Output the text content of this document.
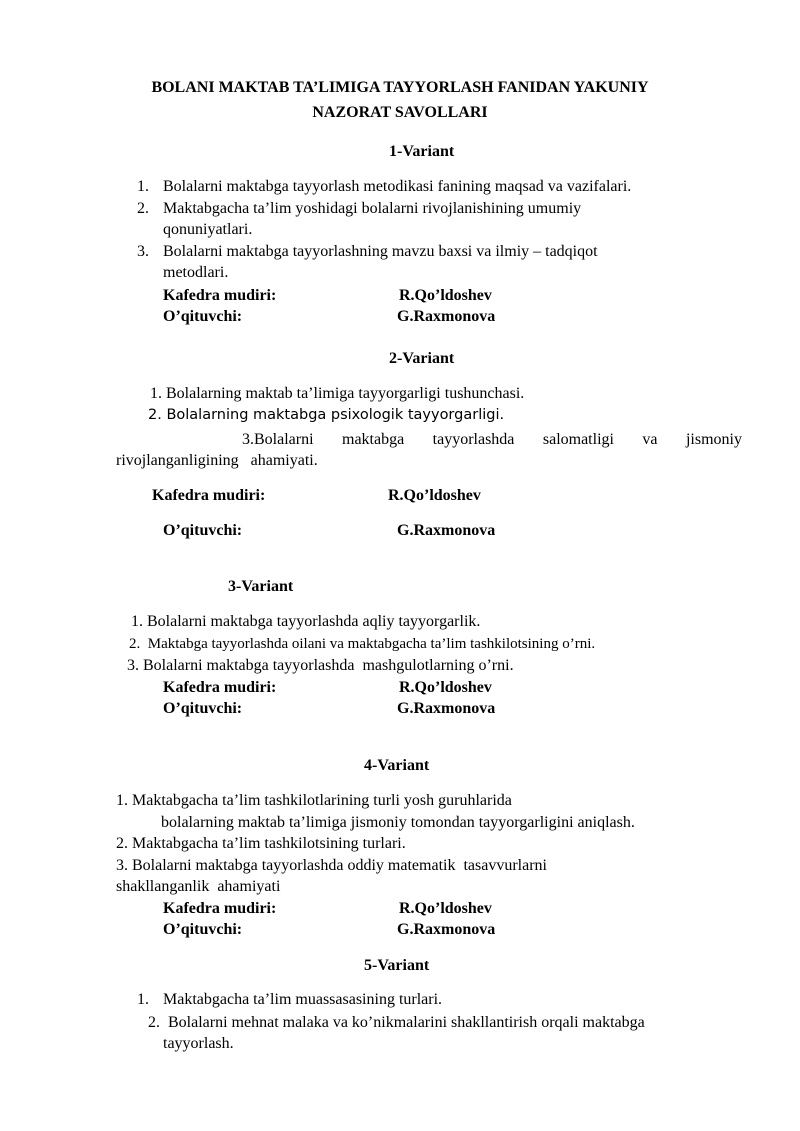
BOLANI MAKTAB TA’LIMIGA TAYYORLASH FANIDAN YAKUNIY
NAZORAT SAVOLLARI
1-Variant
1. Bolalarni maktabga tayyorlash metodikasi fanining maqsad va vazifalari.
2. Maktabgacha ta’lim yoshidagi bolalarni rivojlanishining umumiy
qonuniyatlari.
3. Bolalarni maktabga tayyorlashning mavzu baxsi va ilmiy – tadqiqot
metodlari.
Kafedra mudiri:	R.Qo’ldoshev
O’qituvchi:	G.Raxmonova
2-Variant
1. Bolalarning maktab ta’limiga tayyorgarligi tushunchasi.
2. Bolalarning maktabga psixologik tayyorgarligi.
3.Bolalarni maktabga tayyorlashda salomatligi va jismoniy
rivojlanganligining   ahamiyati.
Kafedra mudiri:	R.Qo’ldoshev
O’qituvchi:	G.Raxmonova
3-Variant
1. Bolalarni maktabga tayyorlashda aqliy tayyorgarlik.
2.  Maktabga tayyorlashda oilani va maktabgacha ta’lim tashkilotsining o’rni.
3. Bolalarni maktabga tayyorlashda  mashgulotlarning o’rni.
Kafedra mudiri:	R.Qo’ldoshev
O’qituvchi:	G.Raxmonova
4-Variant
1. Maktabgacha ta’lim tashkilotlarining turli yosh guruhlarida
bolalarning maktab ta’limiga jismoniy tomondan tayyorgarligini aniqlash.
2. Maktabgacha ta’lim tashkilotsining turlari.
3. Bolalarni maktabga tayyorlashda oddiy matematik  tasavvurlarni
shakllanganlik  ahamiyati
Kafedra mudiri:	R.Qo’ldoshev
O’qituvchi:	G.Raxmonova
5-Variant
1. Maktabgacha ta’lim muassasasining turlari.
2.  Bolalarni mehnat malaka va ko’nikmalarini shakllantirish orqali maktabga
tayyorlash.
